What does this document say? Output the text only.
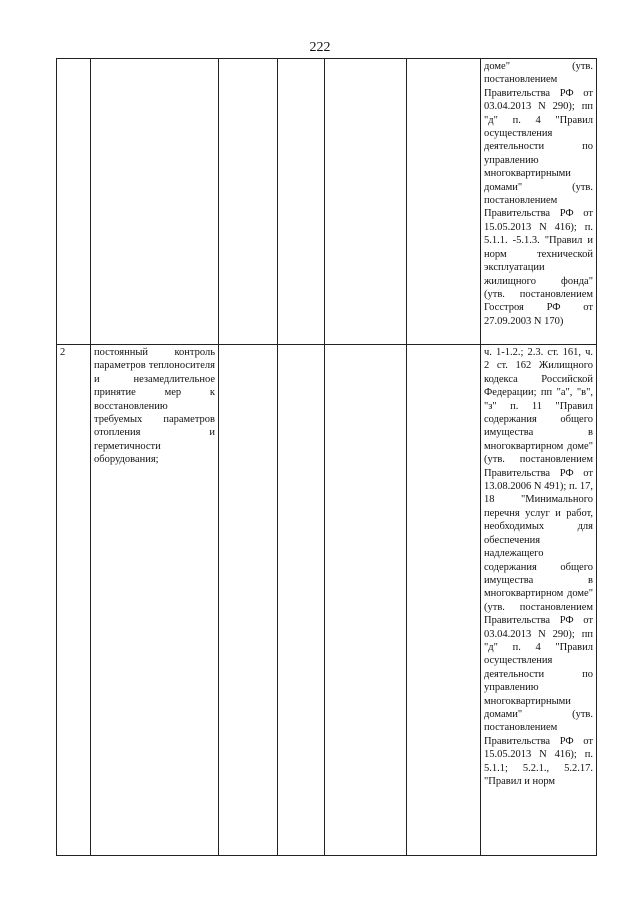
222
						доме" (утв. постановлением Правительства РФ от 03.04.2013 N 290); пп "д" п. 4 "Правил осуществления деятельности по управлению многоквартирными домами" (утв. постановлением Правительства РФ от 15.05.2013 N 416); п. 5.1.1. -5.1.3. "Правил и норм технической эксплуатации жилищного фонда" (утв. постановлением Госстроя РФ от 27.09.2003 N 170)
2	постоянный контроль параметров теплоносителя и незамедлительное принятие мер к восстановлению требуемых параметров отопления и герметичности оборудования;					ч. 1-1.2.; 2.3. ст. 161, ч. 2 ст. 162 Жилищного кодекса Российской Федерации; пп "а", "в", "з" п. 11 "Правил содержания общего имущества в многоквартирном доме" (утв. постановлением Правительства РФ от 13.08.2006 N 491); п. 17, 18 "Минимального перечня услуг и работ, необходимых для обеспечения надлежащего содержания общего имущества в многоквартирном доме" (утв. постановлением Правительства РФ от 03.04.2013 N 290); пп "д" п. 4 "Правил осуществления деятельности по управлению многоквартирными домами" (утв. постановлением Правительства РФ от 15.05.2013 N 416); п. 5.1.1; 5.2.1., 5.2.17. "Правил и норм
